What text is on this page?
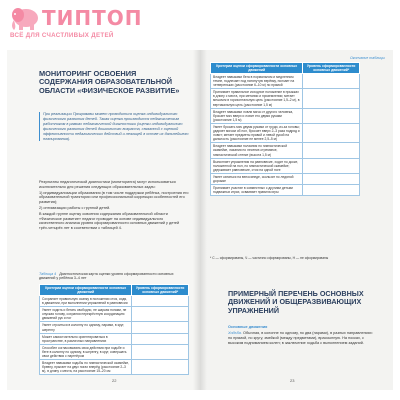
ТИПТОП
ВСЁ ДЛЯ СЧАСТЛИВЫХ ДЕТЕЙ
МОНИТОРИНГ ОСВОЕНИЯ СОДЕРЖАНИЯ ОБРАЗОВАТЕЛЬНОЙ ОБЛАСТИ «ФИЗИЧЕСКОЕ РАЗВИТИЕ»
При реализации Программы может проводиться оценка индивидуального физического развития детей. Такая оценка производится педагогическим работником в рамках педагогической диагностики (оценки индивидуального физического развития детей дошкольного возраста, связанной с оценкой эффективности педагогических действий и лежащей в основе их дальнейшего планирования).

Результаты педагогической диагностики (мониторинга) могут использоваться исключительно для решения следующих образовательных задач:

1) индивидуализации образования (в том числе поддержки ребёнка, построения его образовательной траектории или профессиональной коррекции особенностей его развития);

2) оптимизации работы с группой детей.

В каждой группе оценку освоения содержания образовательной области «Физическое развитие» педагог проводит на основе индивидуального качественного анализа уровня сформированности основных движений у детей трёх-четырёх лет в соответствии с таблицей 4.

Таблица 4 Диагностическая карта оценки уровня сформированности основных движений у ребёнка 3–4 лет
Критерии оценки сформированности основных движений	Уровень сформированности основных движений*
Сохраняет правильную осанку в положении стоя, сидя, в движении, при выполнении упражнений в равновесии	
Умеет ходить и бегать свободно, не шаркая ногами, не опуская голову, сохраняя перекрёстную координацию движений рук и ног	
Умеет строиться в колонну по одному, парами, в круг, шеренгу	
Может самостоятельно ориентироваться в пространстве, в различных направлениях	
Способен согласовывать свои действия при ходьбе и беге в колонну по одному, в шеренгу, в круг, совершать свои действия с партнёром	
Владеет навыками ходьбы по гимнастической скамейке, бревну, прыгает на двух ногах вперёд (расстояние 2–3 м), в длину с места, на расстояние 15–20 см	
22
Окончание таблицы
Критерии оценки сформированности основных движений	Уровень сформированности основных движений*
Владеет навыками бега в нормальном и медленном темпе, подлезает под натянутую верёвку, ползает на четвереньках (расстояние 6–10 м) по прямой	
Принимает правильное исходное положение в прыжках в длину с места, при метании и приземлении; метает мешочек в горизонтальную цель (расстояние 1,5–2 м), в вертикальную цель (расстояние 1,5 м)	
Владеет навыками ловли мяча от другого человека, бросает мяч вверх и ловит его двумя руками (расстояние 1,5 м)	
Умеет бросать мяч двумя руками от груди, из-за головы; ударяет мячом об пол, бросает вверх 2–3 раза подряд и ловит; метает предметы правой и левой рукой на дальность (расстояние не менее 2,5–5 м)	
Владеет навыками ползания по гимнастической скамейке, лазания по лесенке-стремянке, гимнастической стенке (высота 1,5 м)	
Выполняет упражнения на равновесие, ходит по доске, положенной на пол, по гимнастической скамейке; удерживает равновесие, стоя на одной ноге	
Умеет кататься на велосипеде, скользит по ледяной дорожке	
Принимает участие в совместных с другими детьми подвижных играх, осваивает правила игры	
* С — сформированы, Ч — частично сформированы, Н — не сформированы
ПРИМЕРНЫЙ ПЕРЕЧЕНЬ ОСНОВНЫХ ДВИЖЕНИЙ И ОБЩЕРАЗВИВАЮЩИХ УПРАЖНЕНИЙ
Основные движения
Ходьба. Обычная, в колонне по одному, по два (парами), в разных направлениях: по прямой, по кругу, змейкой (между предметами), врассыпную. На носках, с высоким подниманием колен; в заключение ходьба с выполнением заданий.
23
